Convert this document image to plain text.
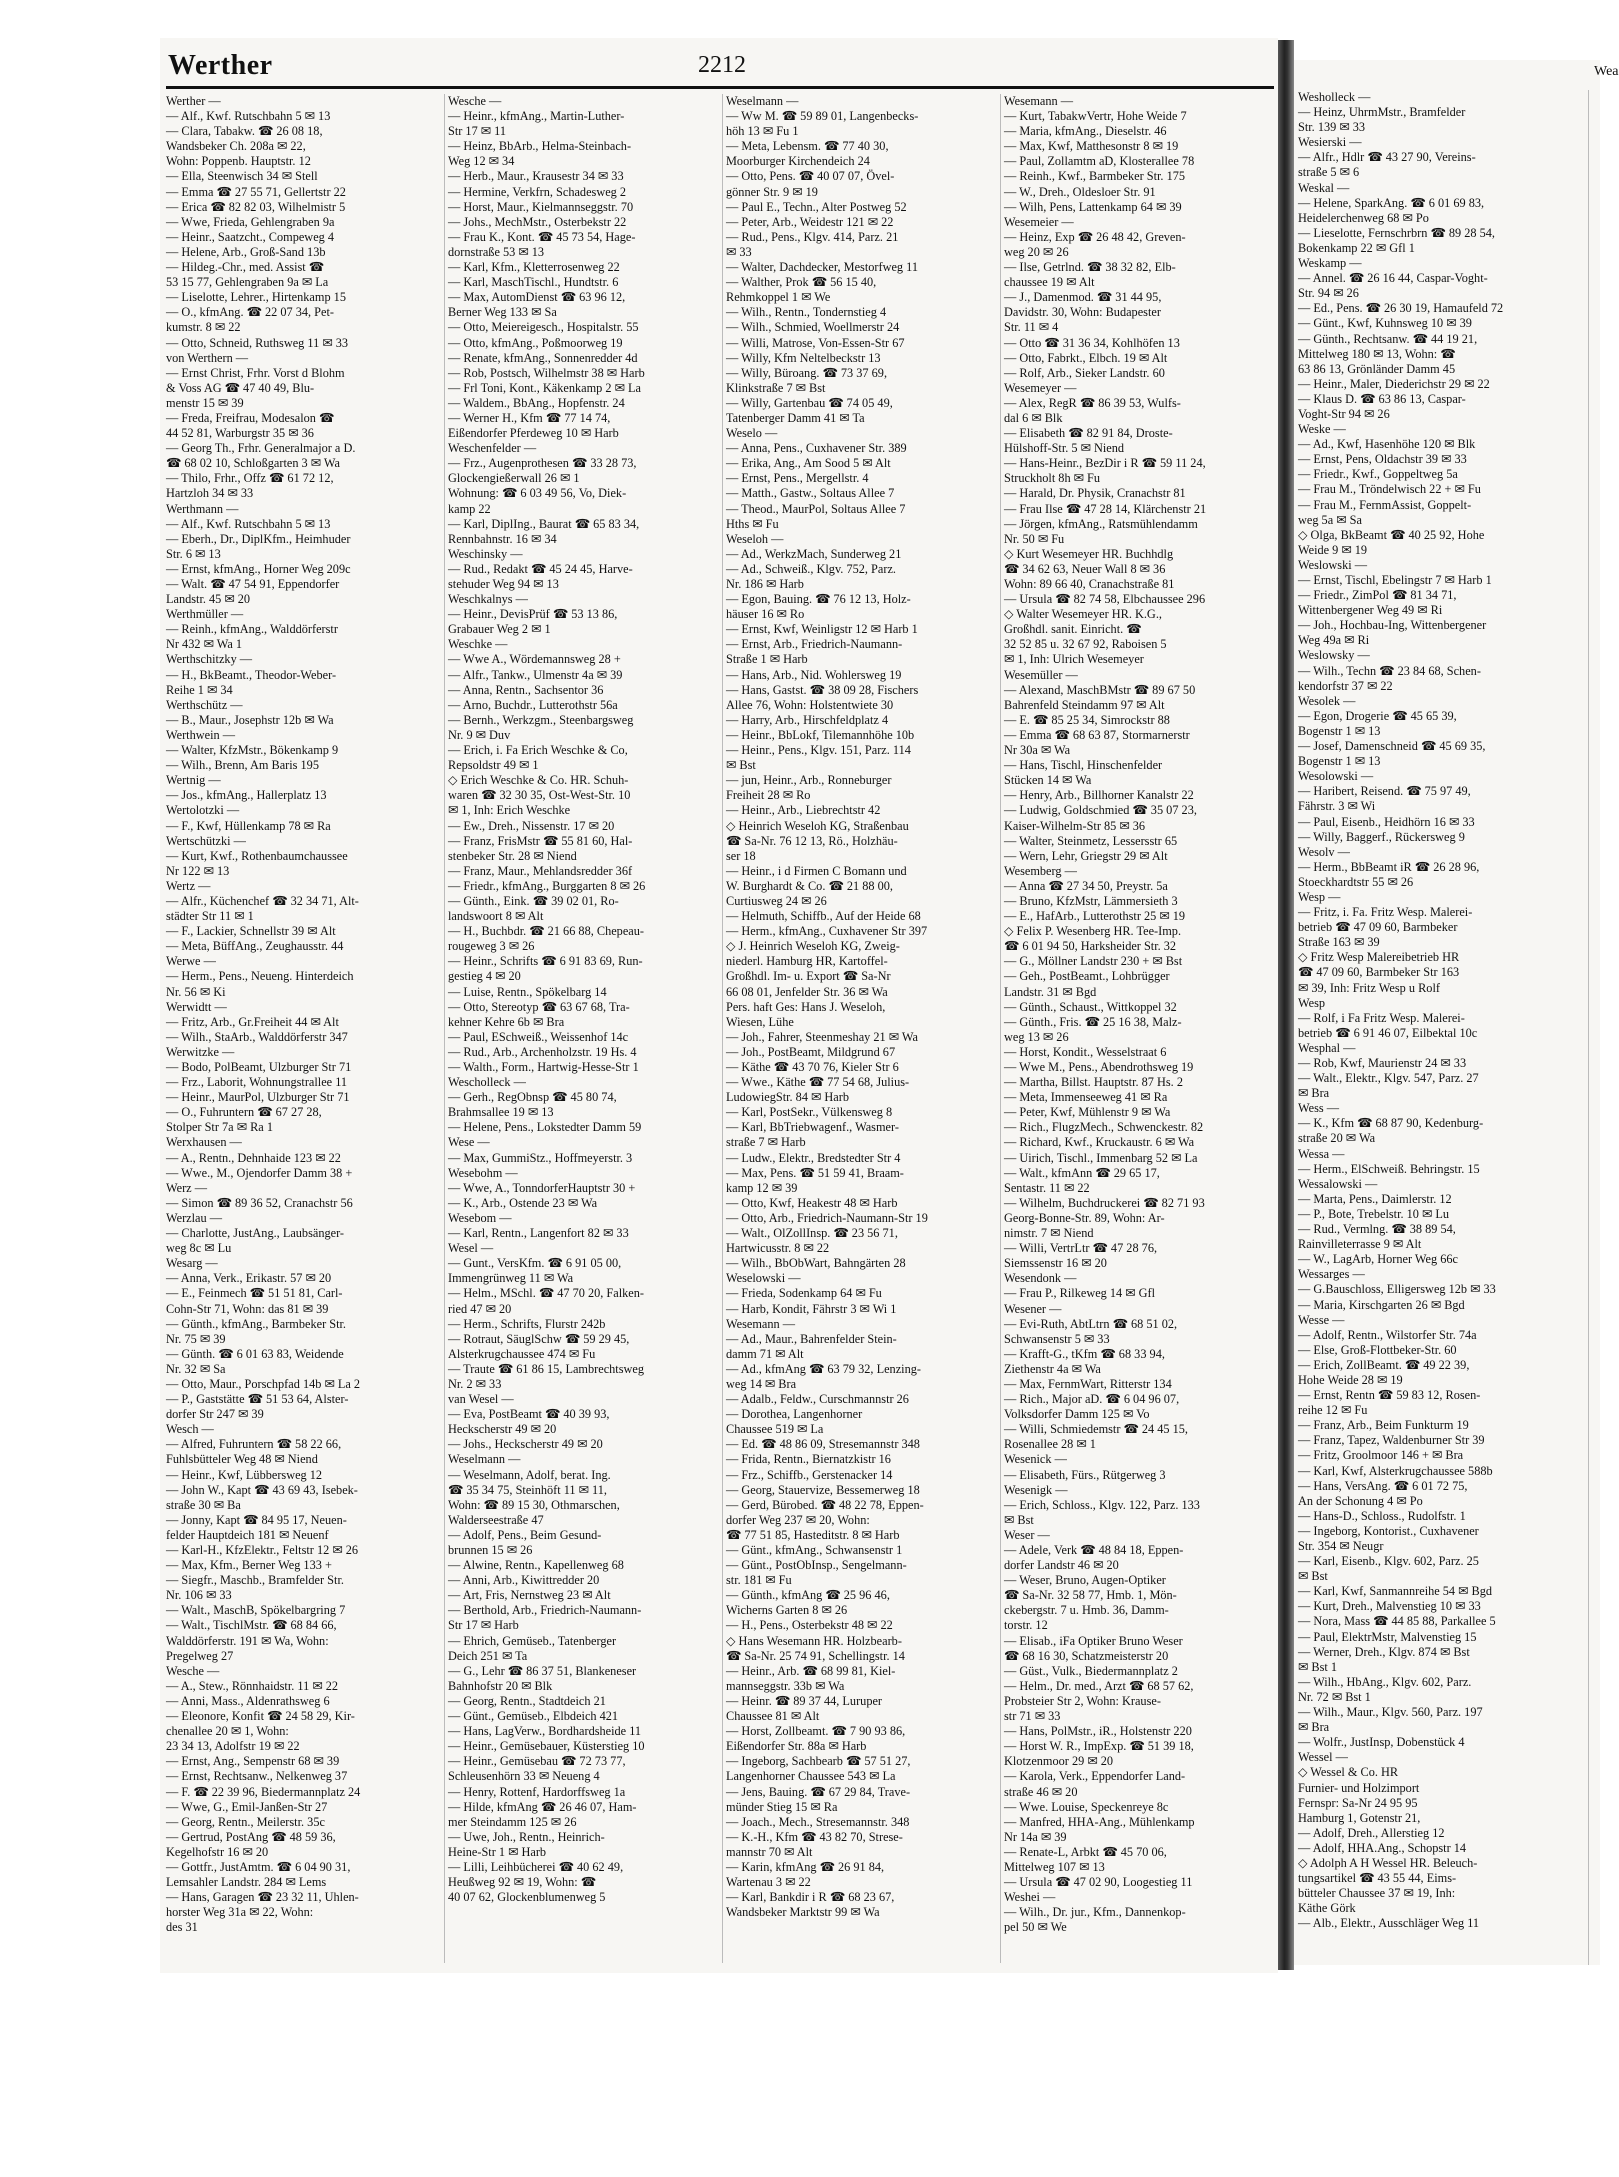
Werther	2212
Werther —
— Alf., Kwf. Rutschbahn 5 ✉ 13
— Clara, Tabakw. ☎ 26 08 18,
Wandsbeker Ch. 208a ✉ 22,
Wohn: Poppenb. Hauptstr. 12
— Ella, Steenwisch 34 ✉ Stell
— Emma ☎ 27 55 71, Gellertstr 22
— Erica ☎ 82 82 03, Wilhelmistr 5
— Wwe, Frieda, Gehlengraben 9a
— Heinr., Saatzcht., Compeweg 4
— Helene, Arb., Groß-Sand 13b
— Hildeg.-Chr., med. Assist ☎
53 15 77, Gehlengraben 9a ✉ La
— Liselotte, Lehrer., Hirtenkamp 15
— O., kfmAng. ☎ 22 07 34, Pet-
kumstr. 8 ✉ 22
— Otto, Schneid, Ruthsweg 11 ✉ 33
von Werthern —
— Ernst Christ, Frhr. Vorst d Blohm
& Voss AG ☎ 47 40 49, Blu-
menstr 15 ✉ 39
— Freda, Freifrau, Modesalon ☎
44 52 81, Warburgstr 35 ✉ 36
— Georg Th., Frhr. Generalmajor a D.
☎ 68 02 10, Schloßgarten 3 ✉ Wa
— Thilo, Frhr., Offz ☎ 61 72 12,
Hartzloh 34 ✉ 33
Werthmann —
— Alf., Kwf. Rutschbahn 5 ✉ 13
— Eberh., Dr., DiplKfm., Heimhuder
Str. 6 ✉ 13
— Ernst, kfmAng., Horner Weg 209c
— Walt. ☎ 47 54 91, Eppendorfer
Landstr. 45 ✉ 20
Werthmüller —
— Reinh., kfmAng., Walddörferstr
Nr 432 ✉ Wa 1
Werthschitzky —
— H., BkBeamt., Theodor-Weber-
Reihe 1 ✉ 34
Werthschütz —
— B., Maur., Josephstr 12b ✉ Wa
Werthwein —
— Walter, KfzMstr., Bökenkamp 9
— Wilh., Brenn, Am Baris 195
Wertnig —
— Jos., kfmAng., Hallerplatz 13
Wertolotzki —
— F., Kwf, Hüllenkamp 78 ✉ Ra
Wertschützki —
— Kurt, Kwf., Rothenbaumchaussee
Nr 122 ✉ 13
Wertz —
— Alfr., Küchenchef ☎ 32 34 71, Alt-
städter Str 11 ✉ 1
— F., Lackier, Schnellstr 39 ✉ Alt
— Meta, BüffAng., Zeughausstr. 44
Werwe —
— Herm., Pens., Neueng. Hinterdeich
Nr. 56 ✉ Ki
Werwidtt —
— Fritz, Arb., Gr.Freiheit 44 ✉ Alt
— Wilh., StaArb., Walddörferstr 347
Werwitzke —
— Bodo, PolBeamt, Ulzburger Str 71
— Frz., Laborit, Wohnungstrallee 11
— Heinr., MaurPol, Ulzburger Str 71
— O., Fuhruntern ☎ 67 27 28,
Stolper Str 7a ✉ Ra 1
Werxhausen —
— A., Rentn., Dehnhaide 123 ✉ 22
— Wwe., M., Ojendorfer Damm 38 +
Werz —
— Simon ☎ 89 36 52, Cranachstr 56
Werzlau —
— Charlotte, JustAng., Laubsänger-
weg 8c ✉ Lu
Wesarg —
— Anna, Verk., Erikastr. 57 ✉ 20
— E., Feinmech ☎ 51 51 81, Carl-
Cohn-Str 71, Wohn: das 81 ✉ 39
— Günth., kfmAng., Barmbeker Str.
Nr. 75 ✉ 39
— Günth. ☎ 6 01 63 83, Weidende
Nr. 32 ✉ Sa
— Otto, Maur., Porschpfad 14b ✉ La 2
— P., Gaststätte ☎ 51 53 64, Alster-
dorfer Str 247 ✉ 39
Wesch —
— Alfred, Fuhruntern ☎ 58 22 66,
Fuhlsbütteler Weg 48 ✉ Niend
— Heinr., Kwf, Lübbersweg 12
— John W., Kapt ☎ 43 69 43, Isebek-
straße 30 ✉ Ba
— Jonny, Kapt ☎ 84 95 17, Neuen-
felder Hauptdeich 181 ✉ Neuenf
— Karl-H., KfzElektr., Feltstr 12 ✉ 26
— Max, Kfm., Berner Weg 133 +
— Siegfr., Maschb., Bramfelder Str.
Nr. 106 ✉ 33
— Walt., MaschB, Spökelbargring 7
— Walt., TischlMstr. ☎ 68 84 66,
Walddörferstr. 191 ✉ Wa, Wohn:
Pregelweg 27
Wesche —
— A., Stew., Rönnhaidstr. 11 ✉ 22
— Anni, Mass., Aldenrathsweg 6
— Eleonore, Konfit ☎ 24 58 29, Kir-
chenallee 20 ✉ 1, Wohn:
23 34 13, Adolfstr 19 ✉ 22
— Ernst, Ang., Sempenstr 68 ✉ 39
— Ernst, Rechtsanw., Nelkenweg 37
— F. ☎ 22 39 96, Biedermannplatz 24
— Wwe, G., Emil-Janßen-Str 27
— Georg, Rentn., Meilerstr. 35c
— Gertrud, PostAng ☎ 48 59 36,
Kegelhofstr 16 ✉ 20
— Gottfr., JustAmtm. ☎ 6 04 90 31,
Lemsahler Landstr. 284 ✉ Lems
— Hans, Garagen ☎ 23 32 11, Uhlen-
horster Weg 31a ✉ 22, Wohn:
des 31
Wesche —
— Heinr., kfmAng., Martin-Luther-
Str 17 ✉ 11
— Heinz, BbArb., Helma-Steinbach-
Weg 12 ✉ 34
— Herb., Maur., Krausestr 34 ✉ 33
— Hermine, Verkfrn, Schadesweg 2
— Horst, Maur., Kielmannseggstr. 70
— Johs., MechMstr., Osterbekstr 22
— Frau K., Kont. ☎ 45 73 54, Hage-
dornstraße 53 ✉ 13
— Karl, Kfm., Kletterrosenweg 22
— Karl, MaschTischl., Hundtstr. 6
— Max, AutomDienst ☎ 63 96 12,
Berner Weg 133 ✉ Sa
— Otto, Meiereigesch., Hospitalstr. 55
— Otto, kfmAng., Poßmoorweg 19
— Renate, kfmAng., Sonnenredder 4d
— Rob, Postsch, Wilhelmstr 38 ✉ Harb
— Frl Toni, Kont., Käkenkamp 2 ✉ La
— Waldem., BbAng., Hopfenstr. 24
— Werner H., Kfm ☎ 77 14 74,
Eißendorfer Pferdeweg 10 ✉ Harb
Weschenfelder —
— Frz., Augenprothesen ☎ 33 28 73,
Glockengießerwall 26 ✉ 1
Wohnung: ☎ 6 03 49 56, Vo, Diek-
kamp 22
— Karl, DiplIng., Baurat ☎ 65 83 34,
Rennbahnstr. 16 ✉ 34
Weschinsky —
— Rud., Redakt ☎ 45 24 45, Harve-
stehuder Weg 94 ✉ 13
Weschkalnys —
— Heinr., DevisPrüf ☎ 53 13 86,
Grabauer Weg 2 ✉ 1
Weschke —
— Wwe A., Wördemannsweg 28 +
— Alfr., Tankw., Ulmenstr 4a ✉ 39
— Anna, Rentn., Sachsentor 36
— Arno, Buchdr., Lutterothstr 56a
— Bernh., Werkzgm., Steenbargsweg
Nr. 9 ✉ Duv
— Erich, i. Fa Erich Weschke & Co,
Repsoldstr 49 ✉ 1
◇ Erich Weschke & Co. HR. Schuh-
waren ☎ 32 30 35, Ost-West-Str. 10
✉ 1, Inh: Erich Weschke
— Ew., Dreh., Nissenstr. 17 ✉ 20
— Franz, FrisMstr ☎ 55 81 60, Hal-
stenbeker Str. 28 ✉ Niend
— Franz, Maur., Mehlandsredder 36f
— Friedr., kfmAng., Burggarten 8 ✉ 26
— Günth., Eink. ☎ 39 02 01, Ro-
landswoort 8 ✉ Alt
— H., Buchbdr. ☎ 21 66 88, Chepeau-
rougeweg 3 ✉ 26
— Heinr., Schrifts ☎ 6 91 83 69, Run-
gestieg 4 ✉ 20
— Luise, Rentn., Spökelbarg 14
— Otto, Stereotyp ☎ 63 67 68, Tra-
kehner Kehre 6b ✉ Bra
— Paul, ESchweiß., Weissenhof 14c
— Rud., Arb., Archenholzstr. 19 Hs. 4
— Walth., Form., Hartwig-Hesse-Str 1
Wescholleck —
— Gerh., RegObnsp ☎ 45 80 74,
Brahmsallee 19 ✉ 13
— Helene, Pens., Lokstedter Damm 59
Wese —
— Max, GummiStz., Hoffmeyerstr. 3
Wesebohm —
— Wwe, A., TonndorferHauptstr 30 +
— K., Arb., Ostende 23 ✉ Wa
Wesebom —
— Karl, Rentn., Langenfort 82 ✉ 33
Wesel —
— Gunt., VersKfm. ☎ 6 91 05 00,
Immengrünweg 11 ✉ Wa
— Helm., MSchl. ☎ 47 70 20, Falken-
ried 47 ✉ 20
— Herm., Schrifts, Flurstr 242b
— Rotraut, SäuglSchw ☎ 59 29 45,
Alsterkrugchaussee 474 ✉ Fu
— Traute ☎ 61 86 15, Lambrechtsweg
Nr. 2 ✉ 33
van Wesel —
— Eva, PostBeamt ☎ 40 39 93,
Heckscherstr 49 ✉ 20
— Johs., Heckscherstr 49 ✉ 20
Weselmann —
— Weselmann, Adolf, berat. Ing.
☎ 35 34 75, Steinhöft 11 ✉ 11,
Wohn: ☎ 89 15 30, Othmarschen,
Walderseestraße 47
— Adolf, Pens., Beim Gesund-
brunnen 15 ✉ 26
— Alwine, Rentn., Kapellenweg 68
— Anni, Arb., Kiwittredder 20
— Art, Fris, Nernstweg 23 ✉ Alt
— Berthold, Arb., Friedrich-Naumann-
Str 17 ✉ Harb
— Ehrich, Gemüseb., Tatenberger
Deich 251 ✉ Ta
— G., Lehr ☎ 86 37 51, Blankeneser
Bahnhofstr 20 ✉ Blk
— Georg, Rentn., Stadtdeich 21
— Günt., Gemüseb., Elbdeich 421
— Hans, LagVerw., Bordhardsheide 11
— Heinr., Gemüsebauer, Küsterstieg 10
— Heinr., Gemüsebau ☎ 72 73 77,
Schleusenhörn 33 ✉ Neueng 4
— Henry, Rottenf, Hardorffsweg 1a
— Hilde, kfmAng ☎ 26 46 07, Ham-
mer Steindamm 125 ✉ 26
— Uwe, Joh., Rentn., Heinrich-
Heine-Str 1 ✉ Harb
— Lilli, Leihbücherei ☎ 40 62 49,
Heußweg 92 ✉ 19, Wohn: ☎
40 07 62, Glockenblumenweg 5
Weselmann —
— Ww M. ☎ 59 89 01, Langenbecks-
höh 13 ✉ Fu 1
— Meta, Lebensm. ☎ 77 40 30,
Moorburger Kirchendeich 24
— Otto, Pens. ☎ 40 07 07, Övel-
gönner Str. 9 ✉ 19
— Paul E., Techn., Alter Postweg 52
— Peter, Arb., Weidestr 121 ✉ 22
— Rud., Pens., Klgv. 414, Parz. 21
✉ 33
— Walter, Dachdecker, Mestorfweg 11
— Walther, Prok ☎ 56 15 40,
Rehmkoppel 1 ✉ We
— Wilh., Rentn., Tondernstieg 4
— Wilh., Schmied, Woellmerstr 24
— Willi, Matrose, Von-Essen-Str 67
— Willy, Kfm Neltelbeckstr 13
— Willy, Büroang. ☎ 73 37 69,
Klinkstraße 7 ✉ Bst
— Willy, Gartenbau ☎ 74 05 49,
Tatenberger Damm 41 ✉ Ta
Weselo —
— Anna, Pens., Cuxhavener Str. 389
— Erika, Ang., Am Sood 5 ✉ Alt
— Ernst, Pens., Mergellstr. 4
— Matth., Gastw., Soltaus Allee 7
— Theod., MaurPol, Soltaus Allee 7
Hths ✉ Fu
Weseloh —
— Ad., WerkzMach, Sunderweg 21
— Ad., Schweiß., Klgv. 752, Parz.
Nr. 186 ✉ Harb
— Egon, Bauing. ☎ 76 12 13, Holz-
häuser 16 ✉ Ro
— Ernst, Kwf, Weinligstr 12 ✉ Harb 1
— Ernst, Arb., Friedrich-Naumann-
Straße 1 ✉ Harb
— Hans, Arb., Nid. Wohlersweg 19
— Hans, Gastst. ☎ 38 09 28, Fischers
Allee 76, Wohn: Holstentwiete 30
— Harry, Arb., Hirschfeldplatz 4
— Heinr., BbLokf, Tilemannhöhe 10b
— Heinr., Pens., Klgv. 151, Parz. 114
✉ Bst
— jun, Heinr., Arb., Ronneburger
Freiheit 28 ✉ Ro
— Heinr., Arb., Liebrechtstr 42
◇ Heinrich Weseloh KG, Straßenbau
☎ Sa-Nr. 76 12 13, Rö., Holzhäu-
ser 18
— Heinr., i d Firmen C Bomann und
W. Burghardt & Co. ☎ 21 88 00,
Curtiusweg 24 ✉ 26
— Helmuth, Schiffb., Auf der Heide 68
— Herm., kfmAng., Cuxhavener Str 397
◇ J. Heinrich Weseloh KG, Zweig-
niederl. Hamburg HR, Kartoffel-
Großhdl. Im- u. Export ☎ Sa-Nr
66 08 01, Jenfelder Str. 36 ✉ Wa
Pers. haft Ges: Hans J. Weseloh,
Wiesen, Lühe
— Joh., Fahrer, Steenmeshay 21 ✉ Wa
— Joh., PostBeamt, Mildgrund 67
— Käthe ☎ 43 70 76, Kieler Str 6
— Wwe., Käthe ☎ 77 54 68, Julius-
LudowiegStr. 84 ✉ Harb
— Karl, PostSekr., Vülkensweg 8
— Karl, BbTriebwagenf., Wasmer-
straße 7 ✉ Harb
— Ludw., Elektr., Bredstedter Str 4
— Max, Pens. ☎ 51 59 41, Braam-
kamp 12 ✉ 39
— Otto, Kwf, Heakestr 48 ✉ Harb
— Otto, Arb., Friedrich-Naumann-Str 19
— Walt., OlZollInsp. ☎ 23 56 71,
Hartwicusstr. 8 ✉ 22
— Wilh., BbObWart, Bahngärten 28
Weselowski —
— Frieda, Sodenkamp 64 ✉ Fu
— Harb, Kondit, Fährstr 3 ✉ Wi 1
Wesemann —
— Ad., Maur., Bahrenfelder Stein-
damm 71 ✉ Alt
— Ad., kfmAng ☎ 63 79 32, Lenzing-
weg 14 ✉ Bra
— Adalb., Feldw., Curschmannstr 26
— Dorothea, Langenhorner
Chaussee 519 ✉ La
— Ed. ☎ 48 86 09, Stresemannstr 348
— Frida, Rentn., Biernatzkistr 16
— Frz., Schiffb., Gerstenacker 14
— Georg, Stauervize, Bessemerweg 18
— Gerd, Bürobed. ☎ 48 22 78, Eppen-
dorfer Weg 237 ✉ 20, Wohn:
☎ 77 51 85, Hasteditstr. 8 ✉ Harb
— Günt., kfmAng., Schwansenstr 1
— Günt., PostObInsp., Sengelmann-
str. 181 ✉ Fu
— Günth., kfmAng ☎ 25 96 46,
Wicherns Garten 8 ✉ 26
— H., Pens., Osterbekstr 48 ✉ 22
◇ Hans Wesemann HR. Holzbearb-
☎ Sa-Nr. 25 74 91, Schellingstr. 14
— Heinr., Arb. ☎ 68 99 81, Kiel-
mannseggstr. 33b ✉ Wa
— Heinr. ☎ 89 37 44, Luruper
Chaussee 81 ✉ Alt
— Horst, Zollbeamt. ☎ 7 90 93 86,
Eißendorfer Str. 88a ✉ Harb
— Ingeborg, Sachbearb ☎ 57 51 27,
Langenhorner Chaussee 543 ✉ La
— Jens, Bauing. ☎ 67 29 84, Trave-
münder Stieg 15 ✉ Ra
— Joach., Mech., Stresemannstr. 348
— K.-H., Kfm ☎ 43 82 70, Strese-
mannstr 70 ✉ Alt
— Karin, kfmAng ☎ 26 91 84,
Wartenau 3 ✉ 22
— Karl, Bankdir i R ☎ 68 23 67,
Wandsbeker Marktstr 99 ✉ Wa
Wesemann —
— Kurt, TabakwVertr, Hohe Weide 7
— Maria, kfmAng., Dieselstr. 46
— Max, Kwf, Matthesonstr 8 ✉ 19
— Paul, Zollamtm aD, Klosterallee 78
— Reinh., Kwf., Barmbeker Str. 175
— W., Dreh., Oldesloer Str. 91
— Wilh, Pens, Lattenkamp 64 ✉ 39
Wesemeier —
— Heinz, Exp ☎ 26 48 42, Greven-
weg 20 ✉ 26
— Ilse, Getrlnd. ☎ 38 32 82, Elb-
chaussee 19 ✉ Alt
— J., Damenmod. ☎ 31 44 95,
Davidstr. 30, Wohn: Budapester
Str. 11 ✉ 4
— Otto ☎ 31 36 34, Kohlhöfen 13
— Otto, Fabrkt., Elbch. 19 ✉ Alt
— Rolf, Arb., Sieker Landstr. 60
Wesemeyer —
— Alex, RegR ☎ 86 39 53, Wulfs-
dal 6 ✉ Blk
— Elisabeth ☎ 82 91 84, Droste-
Hülshoff-Str. 5 ✉ Niend
— Hans-Heinr., BezDir i R ☎ 59 11 24,
Struckholt 8h ✉ Fu
— Harald, Dr. Physik, Cranachstr 81
— Frau Ilse ☎ 47 28 14, Klärchenstr 21
— Jörgen, kfmAng., Ratsmühlendamm
Nr. 50 ✉ Fu
◇ Kurt Wesemeyer HR. Buchhdlg
☎ 34 62 63, Neuer Wall 8 ✉ 36
Wohn: 89 66 40, Cranachstraße 81
— Ursula ☎ 82 74 58, Elbchaussee 296
◇ Walter Wesemeyer HR. K.G.,
Großhdl. sanit. Einricht. ☎
32 52 85 u. 32 67 92, Raboisen 5
✉ 1, Inh: Ulrich Wesemeyer
Wesemüller —
— Alexand, MaschBMstr ☎ 89 67 50
Bahrenfeld Steindamm 97 ✉ Alt
— E. ☎ 85 25 34, Simrockstr 88
— Emma ☎ 68 63 87, Stormarnerstr
Nr 30a ✉ Wa
— Hans, Tischl, Hinschenfelder
Stücken 14 ✉ Wa
— Henry, Arb., Billhorner Kanalstr 22
— Ludwig, Goldschmied ☎ 35 07 23,
Kaiser-Wilhelm-Str 85 ✉ 36
— Walter, Steinmetz, Lessersstr 65
— Wern, Lehr, Griegstr 29 ✉ Alt
Wesemberg —
— Anna ☎ 27 34 50, Preystr. 5a
— Bruno, KfzMstr, Lämmersieth 3
— E., HafArb., Lutterothstr 25 ✉ 19
◇ Felix P. Wesenberg HR. Tee-Imp.
☎ 6 01 94 50, Harksheider Str. 32
— G., Möllner Landstr 230 + ✉ Bst
— Geh., PostBeamt., Lohbrügger
Landstr. 31 ✉ Bgd
— Günth., Schaust., Wittkoppel 32
— Günth., Fris. ☎ 25 16 38, Malz-
weg 13 ✉ 26
— Horst, Kondit., Wesselstraat 6
— Wwe M., Pens., Abendrothsweg 19
— Martha, Billst. Hauptstr. 87 Hs. 2
— Meta, Immenseeweg 41 ✉ Ra
— Peter, Kwf, Mühlenstr 9 ✉ Wa
— Rich., FlugzMech., Schwenckestr. 82
— Richard, Kwf., Kruckaustr. 6 ✉ Wa
— Uirich, Tischl., Immenbarg 52 ✉ La
— Walt., kfmAnn ☎ 29 65 17,
Sentastr. 11 ✉ 22
— Wilhelm, Buchdruckerei ☎ 82 71 93
Georg-Bonne-Str. 89, Wohn: Ar-
nimstr. 7 ✉ Niend
— Willi, VertrLtr ☎ 47 28 76,
Siemssenstr 16 ✉ 20
Wesendonk —
— Frau P., Rilkeweg 14 ✉ Gfl
Wesener —
— Evi-Ruth, AbtLtrn ☎ 68 51 02,
Schwansenstr 5 ✉ 33
— Krafft-G., tKfm ☎ 68 33 94,
Ziethenstr 4a ✉ Wa
— Max, FernmWart, Ritterstr 134
— Rich., Major aD. ☎ 6 04 96 07,
Volksdorfer Damm 125 ✉ Vo
— Willi, Schmiedemstr ☎ 24 45 15,
Rosenallee 28 ✉ 1
Wesenick —
— Elisabeth, Fürs., Rütgerweg 3
Wesenigk —
— Erich, Schloss., Klgv. 122, Parz. 133
✉ Bst
Weser —
— Adele, Verk ☎ 48 84 18, Eppen-
dorfer Landstr 46 ✉ 20
— Weser, Bruno, Augen-Optiker
☎ Sa-Nr. 32 58 77, Hmb. 1, Mön-
ckebergstr. 7 u. Hmb. 36, Damm-
torstr. 12
— Elisab., iFa Optiker Bruno Weser
☎ 68 16 30, Schatzmeisterstr 20
— Güst., Vulk., Biedermannplatz 2
— Helm., Dr. med., Arzt ☎ 68 57 62,
Probsteier Str 2, Wohn: Krause-
str 71 ✉ 33
— Hans, PolMstr., iR., Holstenstr 220
— Horst W. R., ImpExp. ☎ 51 39 18,
Klotzenmoor 29 ✉ 20
— Karola, Verk., Eppendorfer Land-
straße 46 ✉ 20
— Wwe. Louise, Speckenreye 8c
— Manfred, HHA-Ang., Mühlenkamp
Nr 14a ✉ 39
— Renate-L, Arbkt ☎ 45 70 06,
Mittelweg 107 ✉ 13
— Ursula ☎ 47 02 90, Loogestieg 11
Weshei —
— Wilh., Dr. jur., Kfm., Dannenkop-
pel 50 ✉ We
Wea
Wesholleck —
— Heinz, UhrmMstr., Bramfelder
Str. 139 ✉ 33
Wesierski —
— Alfr., Hdlr ☎ 43 27 90, Vereins-
straße 5 ✉ 6
Weskal —
— Helene, SparkAng. ☎ 6 01 69 83,
Heidelerchenweg 68 ✉ Po
— Lieselotte, Fernschrbrn ☎ 89 28 54,
Bokenkamp 22 ✉ Gfl 1
Weskamp —
— Annel. ☎ 26 16 44, Caspar-Voght-
Str. 94 ✉ 26
— Ed., Pens. ☎ 26 30 19, Hamaufeld 72
— Günt., Kwf, Kuhnsweg 10 ✉ 39
— Günth., Rechtsanw. ☎ 44 19 21,
Mittelweg 180 ✉ 13, Wohn: ☎
63 86 13, Grönländer Damm 45
— Heinr., Maler, Diederichstr 29 ✉ 22
— Klaus D. ☎ 63 86 13, Caspar-
Voght-Str 94 ✉ 26
Weske —
— Ad., Kwf, Hasenhöhe 120 ✉ Blk
— Ernst, Pens, Oldachstr 39 ✉ 33
— Friedr., Kwf., Goppeltweg 5a
— Frau M., Tröndelwisch 22 + ✉ Fu
— Frau M., FernmAssist, Goppelt-
weg 5a ✉ Sa
◇ Olga, BkBeamt ☎ 40 25 92, Hohe
Weide 9 ✉ 19
Weslowski —
— Ernst, Tischl, Ebelingstr 7 ✉ Harb 1
— Friedr., ZimPol ☎ 81 34 71,
Wittenbergener Weg 49 ✉ Ri
— Joh., Hochbau-Ing, Wittenbergener
Weg 49a ✉ Ri
Weslowsky —
— Wilh., Techn ☎ 23 84 68, Schen-
kendorfstr 37 ✉ 22
Wesolek —
— Egon, Drogerie ☎ 45 65 39,
Bogenstr 1 ✉ 13
— Josef, Damenschneid ☎ 45 69 35,
Bogenstr 1 ✉ 13
Wesolowski —
— Haribert, Reisend. ☎ 75 97 49,
Fährstr. 3 ✉ Wi
— Paul, Eisenb., Heidhörn 16 ✉ 33
— Willy, Baggerf., Rückersweg 9
Wesolv —
— Herm., BbBeamt iR ☎ 26 28 96,
Stoeckhardtstr 55 ✉ 26
Wesp —
— Fritz, i. Fa. Fritz Wesp. Malerei-
betrieb ☎ 47 09 60, Barmbeker
Straße 163 ✉ 39
◇ Fritz Wesp Malereibetrieb HR
☎ 47 09 60, Barmbeker Str 163
✉ 39, Inh: Fritz Wesp u Rolf
Wesp
— Rolf, i Fa Fritz Wesp. Malerei-
betrieb ☎ 6 91 46 07, Eilbektal 10c
Wesphal —
— Rob, Kwf, Maurienstr 24 ✉ 33
— Walt., Elektr., Klgv. 547, Parz. 27
✉ Bra
Wess —
— K., Kfm ☎ 68 87 90, Kedenburg-
straße 20 ✉ Wa
Wessa —
— Herm., ElSchweiß. Behringstr. 15
Wessalowski —
— Marta, Pens., Daimlerstr. 12
— P., Bote, Trebelstr. 10 ✉ Lu
— Rud., Vermlng. ☎ 38 89 54,
Rainvilleterrasse 9 ✉ Alt
— W., LagArb, Horner Weg 66c
Wessarges —
— G.Bauschloss, Elligersweg 12b ✉ 33
— Maria, Kirschgarten 26 ✉ Bgd
Wesse —
— Adolf, Rentn., Wilstorfer Str. 74a
— Else, Groß-Flottbeker-Str. 60
— Erich, ZollBeamt. ☎ 49 22 39,
Hohe Weide 28 ✉ 19
— Ernst, Rentn ☎ 59 83 12, Rosen-
reihe 12 ✉ Fu
— Franz, Arb., Beim Funkturm 19
— Franz, Tapez, Waldenburner Str 39
— Fritz, Groolmoor 146 + ✉ Bra
— Karl, Kwf, Alsterkrugchaussee 588b
— Hans, VersAng. ☎ 6 01 72 75,
An der Schonung 4 ✉ Po
— Hans-D., Schloss., Rudolfstr. 1
— Ingeborg, Kontorist., Cuxhavener
Str. 354 ✉ Neugr
— Karl, Eisenb., Klgv. 602, Parz. 25
✉ Bst
— Karl, Kwf, Sanmannreihe 54 ✉ Bgd
— Kurt, Dreh., Malvenstieg 10 ✉ 33
— Nora, Mass ☎ 44 85 88, Parkallee 5
— Paul, ElektrMstr, Malvenstieg 15
— Werner, Dreh., Klgv. 874 ✉ Bst
✉ Bst 1
— Wilh., HbAng., Klgv. 602, Parz.
Nr. 72 ✉ Bst 1
— Wilh., Maur., Klgv. 560, Parz. 197
✉ Bra
— Wolfr., JustInsp, Dobenstück 4
Wessel —
◇ Wessel & Co. HR
Furnier- und Holzimport
Fernspr: Sa-Nr 24 95 95
Hamburg 1, Gotenstr 21,
— Adolf, Dreh., Allerstieg 12
— Adolf, HHA.Ang., Schopstr 14
◇ Adolph A H Wessel HR. Beleuch-
tungsartikel ☎ 43 55 44, Eims-
bütteler Chaussee 37 ✉ 19, Inh:
Käthe Görk
— Alb., Elektr., Ausschläger Weg 11
